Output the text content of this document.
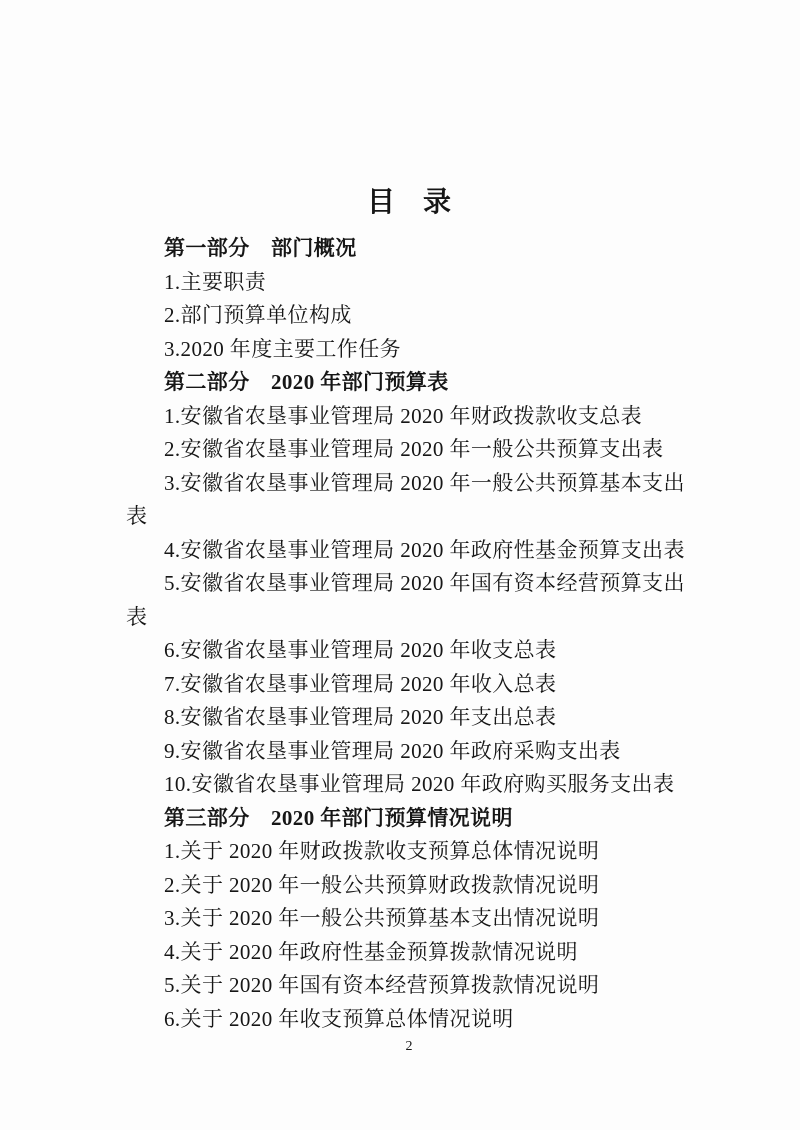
目　录

第一部分　部门概况

1.主要职责

2.部门预算单位构成

3.2020 年度主要工作任务

第二部分　2020 年部门预算表

1.安徽省农垦事业管理局 2020 年财政拨款收支总表

2.安徽省农垦事业管理局 2020 年一般公共预算支出表

3.安徽省农垦事业管理局 2020 年一般公共预算基本支出表

4.安徽省农垦事业管理局 2020 年政府性基金预算支出表

5.安徽省农垦事业管理局 2020 年国有资本经营预算支出表

6.安徽省农垦事业管理局 2020 年收支总表

7.安徽省农垦事业管理局 2020 年收入总表

8.安徽省农垦事业管理局 2020 年支出总表

9.安徽省农垦事业管理局 2020 年政府采购支出表

10.安徽省农垦事业管理局 2020 年政府购买服务支出表

第三部分　2020 年部门预算情况说明

1.关于 2020 年财政拨款收支预算总体情况说明

2.关于 2020 年一般公共预算财政拨款情况说明

3.关于 2020 年一般公共预算基本支出情况说明

4.关于 2020 年政府性基金预算拨款情况说明

5.关于 2020 年国有资本经营预算拨款情况说明

6.关于 2020 年收支预算总体情况说明

2
